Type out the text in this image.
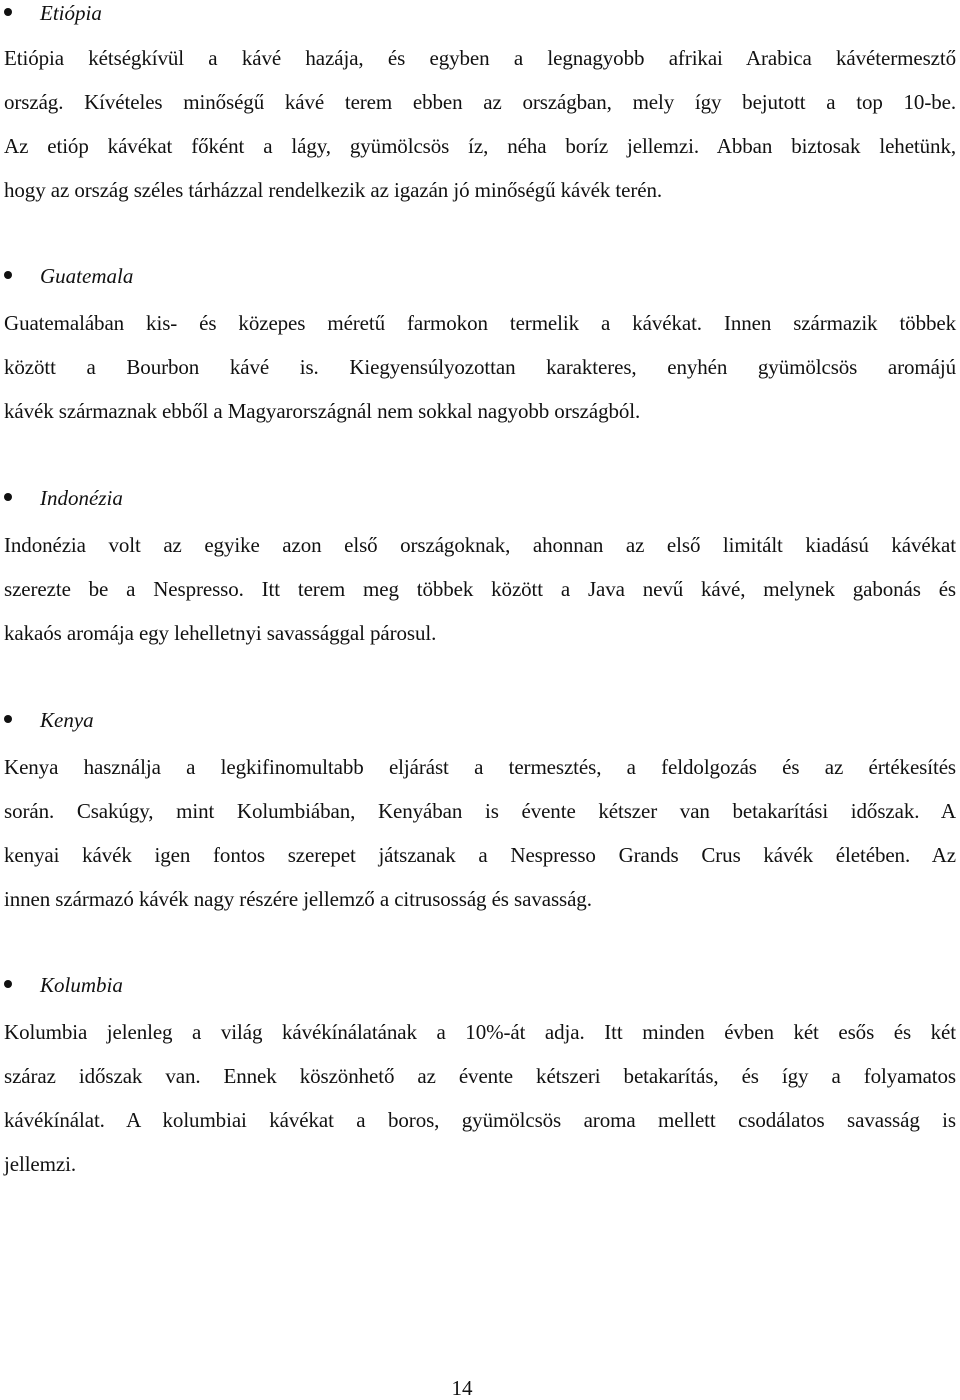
Etiópia
Etiópia kétségkívül a kávé hazája, és egyben a legnagyobb afrikai Arabica kávétermesztő
ország. Kívételes minőségű kávé terem ebben az országban, mely így bejutott a top 10-be.
Az etióp kávékat főként a lágy, gyümölcsös íz, néha boríz jellemzi. Abban biztosak lehetünk,
hogy az ország széles tárházzal rendelkezik az igazán jó minőségű kávék terén.
Guatemala
Guatemalában kis- és közepes méretű farmokon termelik a kávékat. Innen származik többek
között a Bourbon kávé is. Kiegyensúlyozottan karakteres, enyhén gyümölcsös aromájú
kávék származnak ebből a Magyarországnál nem sokkal nagyobb országból.
Indonézia
Indonézia volt az egyike azon első országoknak, ahonnan az első limitált kiadású kávékat
szerezte be a Nespresso. Itt terem meg többek között a Java nevű kávé, melynek gabonás és
kakaós aromája egy lehelletnyi savassággal párosul.
Kenya
Kenya használja a legkifinomultabb eljárást a termesztés, a feldolgozás és az értékesítés
során. Csakúgy, mint Kolumbiában, Kenyában is évente kétszer van betakarítási időszak. A
kenyai kávék igen fontos szerepet játszanak a Nespresso Grands Crus kávék életében. Az
innen származó kávék nagy részére jellemző a citrusosság és savasság.
Kolumbia
Kolumbia jelenleg a világ kávékínálatának a 10%-át adja. Itt minden évben két esős és két
száraz időszak van. Ennek köszönhető az évente kétszeri betakarítás, és így a folyamatos
kávékínálat. A kolumbiai kávékat a boros, gyümölcsös aroma mellett csodálatos savasság is
jellemzi.
14
